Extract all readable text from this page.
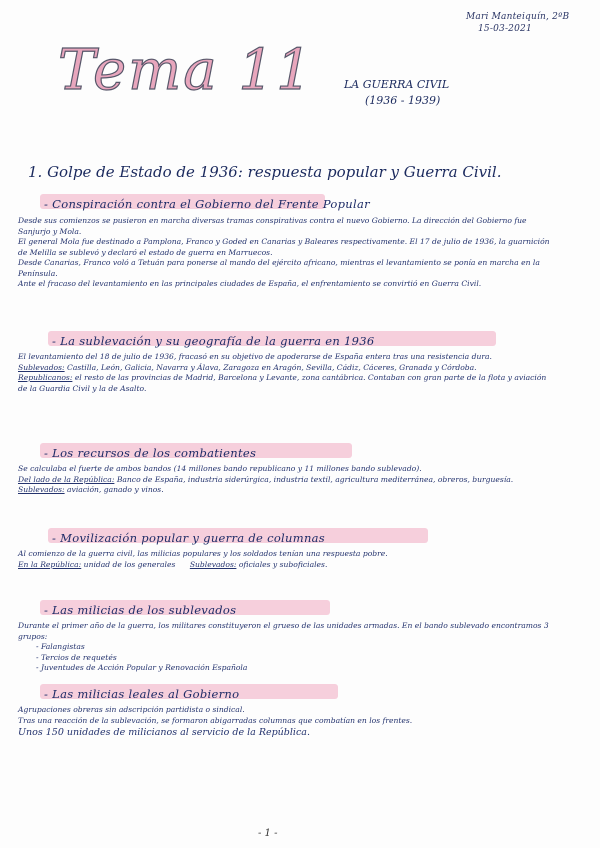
Mari Manteiquín, 2ºB
15-03-2021
Tema 11	LA GUERRA CIVIL
(1936 - 1939)
1. Golpe de Estado de 1936: respuesta popular y Guerra Civil.
- Conspiración contra el Gobierno del Frente Popular

Desde sus comienzos se pusieron en marcha diversas tramas conspirativas contra el nuevo Gobierno. La dirección del Gobierno fue Sanjurjo y Mola.

El general Mola fue destinado a Pamplona, Franco y Goded en Canarias y Baleares respectivamente. El 17 de julio de 1936, la guarnición de Melilla se sublevó y declaró el estado de guerra en Marruecos.

Desde Canarias, Franco voló a Tetuán para ponerse al mando del ejército africano, mientras el levantamiento se ponía en marcha en la Península.

Ante el fracaso del levantamiento en las principales ciudades de España, el enfrentamiento se convirtió en Guerra Civil.

- La sublevación y su geografía de la guerra en 1936

El levantamiento del 18 de julio de 1936, fracasó en su objetivo de apoderarse de España entera tras una resistencia dura.

Sublevados: Castilla, León, Galicia, Navarra y Álava, Zaragoza en Aragón, Sevilla, Cádiz, Cáceres, Granada y Córdoba.

Republicanos: el resto de las provincias de Madrid, Barcelona y Levante, zona cantábrica. Contaban con gran parte de la flota y aviación de la Guardia Civil y la de Asalto.

- Los recursos de los combatientes

Se calculaba el fuerte de ambos bandos (14 millones bando republicano y 11 millones bando sublevado).

Del lado de la República: Banco de España, industria siderúrgica, industria textil, agricultura mediterránea, obreros, burguesía.

Sublevados: aviación, ganado y vinos.

- Movilización popular y guerra de columnas

Al comienzo de la guerra civil, las milicias populares y los soldados tenían una respuesta pobre.

En la República: unidad de los generales Sublevados: oficiales y suboficiales.

- Las milicias de los sublevados

Durante el primer año de la guerra, los militares constituyeron el grueso de las unidades armadas. En el bando sublevado encontramos 3 grupos:

- Falangistas

- Tercios de requetés

- Juventudes de Acción Popular y Renovación Española

- Las milicias leales al Gobierno

Agrupaciones obreras sin adscripción partidista o sindical.

Tras una reacción de la sublevación, se formaron abigarradas columnas que combatían en los frentes.

Unos 150 unidades de milicianos al servicio de la República.

- 1 -
